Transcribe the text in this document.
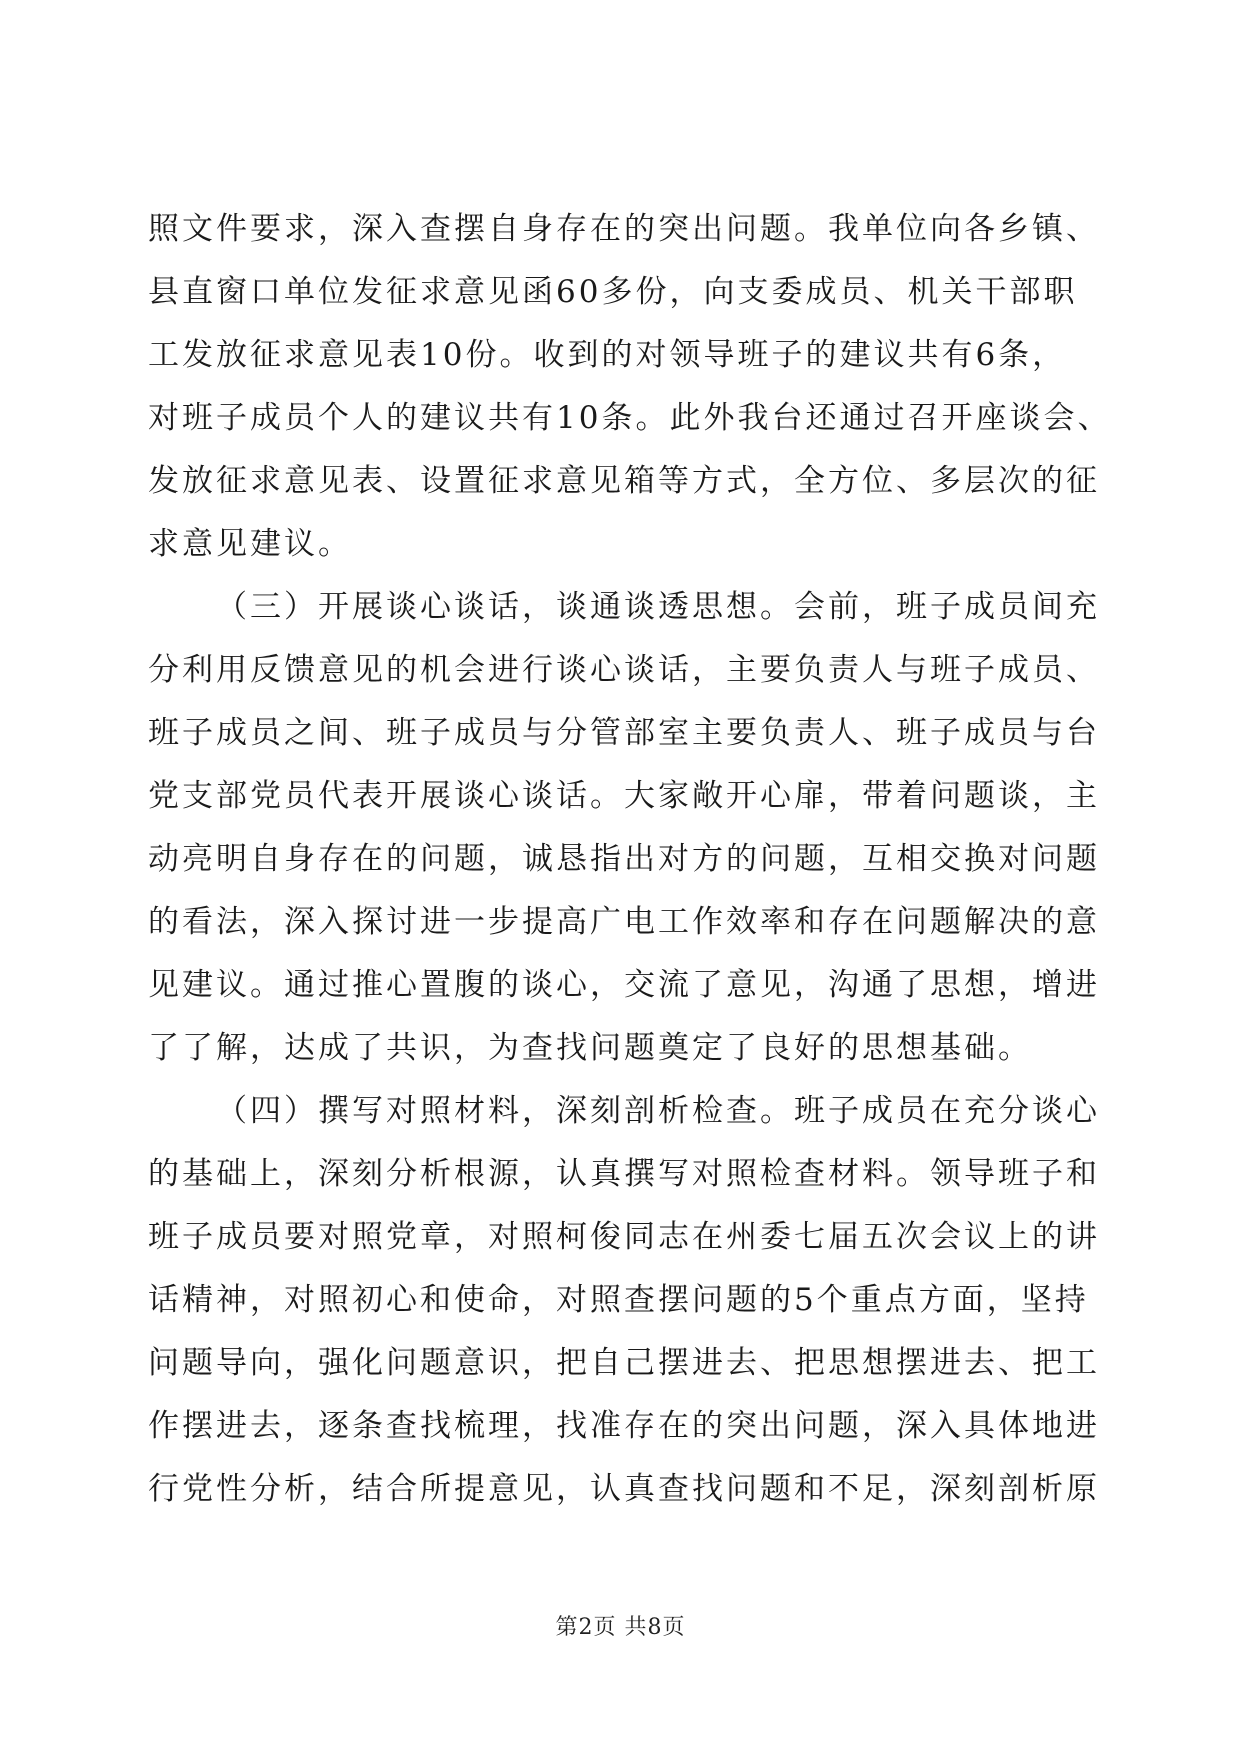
照文件要求，深入查摆自身存在的突出问题。我单位向各乡镇、
县直窗口单位发征求意见函60多份，向支委成员、机关干部职
工发放征求意见表10份。收到的对领导班子的建议共有6条，
对班子成员个人的建议共有10条。此外我台还通过召开座谈会、
发放征求意见表、设置征求意见箱等方式，全方位、多层次的征
求意见建议。

（三）开展谈心谈话，谈通谈透思想。会前，班子成员间充
分利用反馈意见的机会进行谈心谈话，主要负责人与班子成员、
班子成员之间、班子成员与分管部室主要负责人、班子成员与台
党支部党员代表开展谈心谈话。大家敞开心扉，带着问题谈，主
动亮明自身存在的问题，诚恳指出对方的问题，互相交换对问题
的看法，深入探讨进一步提高广电工作效率和存在问题解决的意
见建议。通过推心置腹的谈心，交流了意见，沟通了思想，增进
了了解，达成了共识，为查找问题奠定了良好的思想基础。

（四）撰写对照材料，深刻剖析检查。班子成员在充分谈心
的基础上，深刻分析根源，认真撰写对照检查材料。领导班子和
班子成员要对照党章，对照柯俊同志在州委七届五次会议上的讲
话精神，对照初心和使命，对照查摆问题的5个重点方面，坚持
问题导向，强化问题意识，把自己摆进去、把思想摆进去、把工
作摆进去，逐条查找梳理，找准存在的突出问题，深入具体地进
行党性分析，结合所提意见，认真查找问题和不足，深刻剖析原

第2页 共8页
